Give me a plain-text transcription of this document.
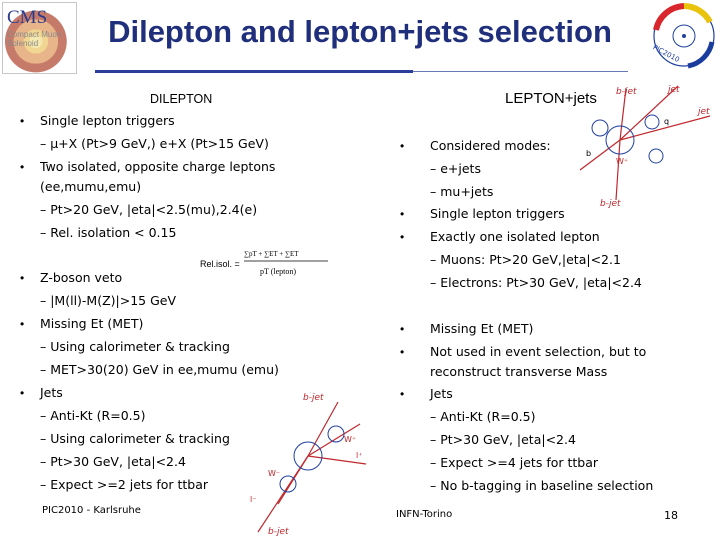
CMS
Compact Muon Solenoid	Dilepton and lepton+jets selection
PIC2010
DILEPTON
• Single lepton triggers
– μ+X (Pt>9 GeV,) e+X (Pt>15 GeV)
• Two isolated, opposite charge leptons
(ee,mumu,emu)
– Pt>20 GeV, |eta|<2.5(mu),2.4(e)
– Rel. isolation < 0.15
Rel.isol. =
∑pT + ∑ET + ∑ET
pT (lepton)
• Z-boson veto
– |M(ll)-M(Z)|>15 GeV
• Missing Et (MET)
– Using calorimeter & tracking
– MET>30(20) GeV in ee,mumu (emu)
• Jets
– Anti-Kt (R=0.5)
– Using calorimeter & tracking
– Pt>30 GeV, |eta|<2.4
– Expect >=2 jets for ttbar
b-jet
W⁺
l⁺
W⁻
l⁻
b-jet
LEPTON+jets
• Considered modes:
– e+jets
– mu+jets
• Single lepton triggers
• Exactly one isolated lepton
– Muons: Pt>20 GeV,|eta|<2.1
– Electrons: Pt>30 GeV, |eta|<2.4
• Missing Et (MET)
• Not used in event selection, but to
reconstruct transverse Mass
• Jets
– Anti-Kt (R=0.5)
– Pt>30 GeV, |eta|<2.4
– Expect >=4 jets for ttbar
– No b-tagging in baseline selection
b-jet	jet
jet
q
W⁺
b
b-jet
PIC2010 - Karlsruhe	INFN-Torino	18
